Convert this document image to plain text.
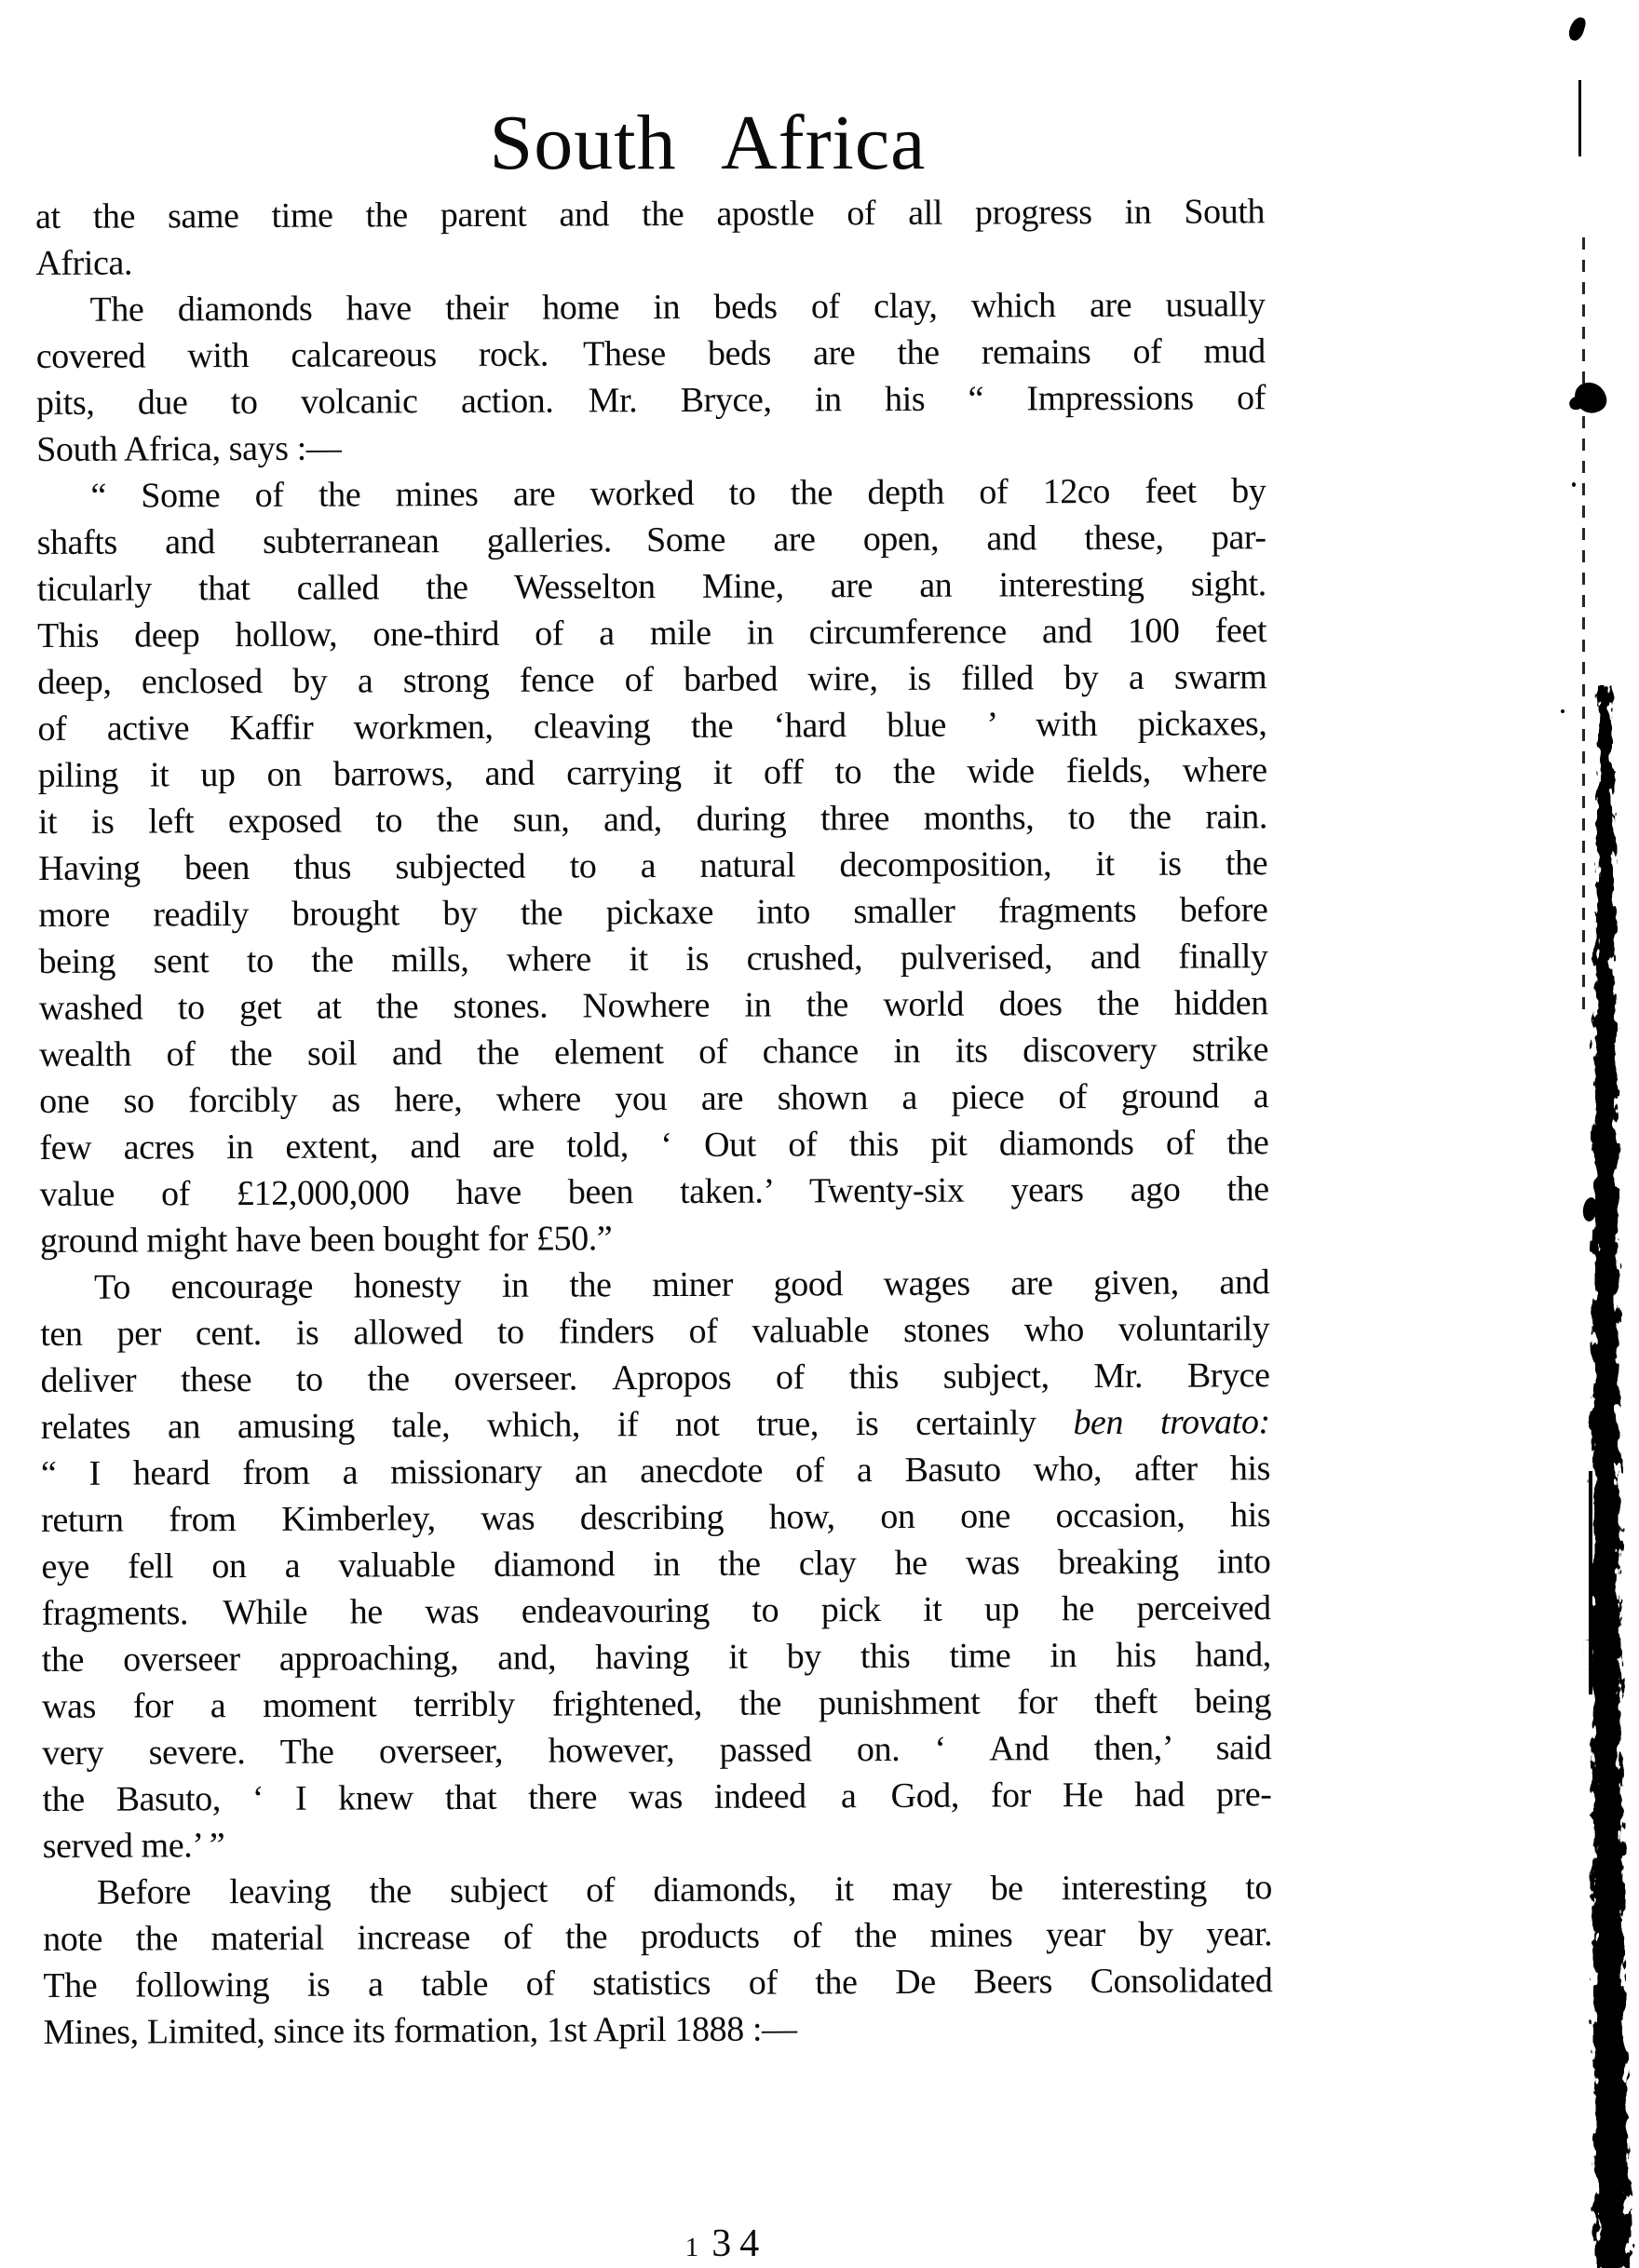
South Africa
at the same time the parent and the apostle of all progress in South
Africa.
The diamonds have their home in beds of clay, which are usually
covered with calcareous rock.  These beds are the remains of mud
pits, due to volcanic action.  Mr. Bryce, in his “ Impressions of
South Africa, says :—
“ Some of the mines are worked to the depth of 12co feet by
shafts and subterranean galleries.  Some are open, and these, par-
ticularly that called the Wesselton Mine, are an interesting sight.
This deep hollow, one-third of a mile in circumference and 100 feet
deep, enclosed by a strong fence of barbed wire, is filled by a swarm
of active Kaffir workmen, cleaving the ‘hard blue ’ with pickaxes,
piling it up on barrows, and carrying it off to the wide fields, where
it is left exposed to the sun, and, during three months, to the rain.
Having been thus subjected to a natural decomposition, it is the
more readily brought by the pickaxe into smaller fragments before
being sent to the mills, where it is crushed, pulverised, and finally
washed to get at the stones.  Nowhere in the world does the hidden
wealth of the soil and the element of chance in its discovery strike
one so forcibly as here, where you are shown a piece of ground a
few acres in extent, and are told, ‘ Out of this pit diamonds of the
value of £12,000,000 have been taken.’  Twenty-six years ago the
ground might have been bought for £50.”
To encourage honesty in the miner good wages are given, and
ten per cent. is allowed to finders of valuable stones who voluntarily
deliver these to the overseer.  Apropos of this subject, Mr. Bryce
relates an amusing tale, which, if not true, is certainly ben trovato:
“ I heard from a missionary an anecdote of a Basuto who, after his
return from Kimberley, was describing how, on one occasion, his
eye fell on a valuable diamond in the clay he was breaking into
fragments.  While he was endeavouring to pick it up he perceived
the overseer approaching, and, having it by this time in his hand,
was for a moment terribly frightened, the punishment for theft being
very severe.  The overseer, however, passed on.  ‘ And then,’ said
the Basuto, ‘ I knew that there was indeed  a  God, for He had pre-
served me.’ ”
Before leaving the subject of diamonds, it may be interesting to
note the material increase of the products of the mines year by year.
The following is a table of statistics of the De Beers Consolidated
Mines, Limited, since its formation, 1st April 1888 :—
134
